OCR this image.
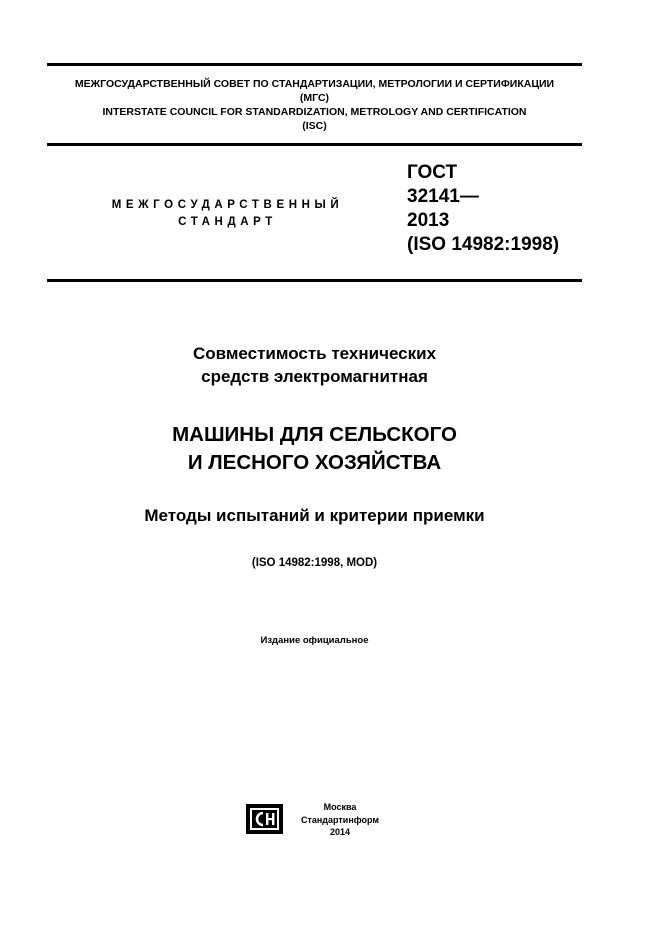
МЕЖГОСУДАРСТВЕННЫЙ СОВЕТ ПО СТАНДАРТИЗАЦИИ, МЕТРОЛОГИИ И СЕРТИФИКАЦИИ
(МГС)
INTERSTATE COUNCIL FOR STANDARDIZATION, METROLOGY AND CERTIFICATION
(ISC)
МЕЖГОСУДАРСТВЕННЫЙ
СТАНДАРТ
ГОСТ
32141—
2013
(ISO 14982:1998)
Совместимость технических
средств электромагнитная
МАШИНЫ ДЛЯ СЕЛЬСКОГО
И ЛЕСНОГО ХОЗЯЙСТВА
Методы испытаний и критерии приемки
(ISO 14982:1998, MOD)
Издание официальное
Москва
Стандартинформ
2014
